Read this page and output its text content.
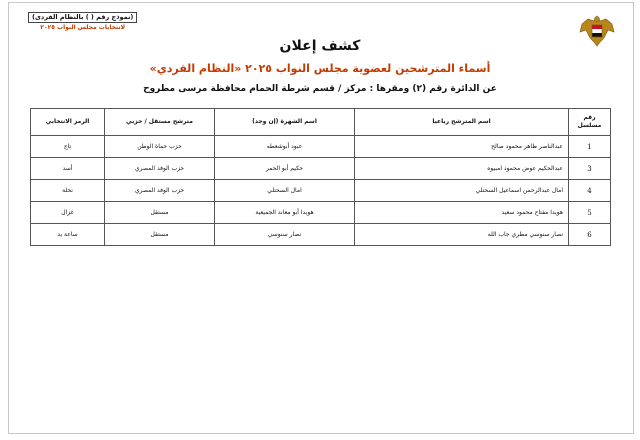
(نموذج رقم ( ) بالنظام الفردى)
لانتخابات مجلس النواب ٢٠٢٥
كشف إعلان
أسماء المترشحين لعضوية مجلس النواب ٢٠٢٥ «النظام الفردي»
عن الدائرة رقم (٢) ومقرها : مركز / قسم شرطة الحمام محافظة مرسى مطروح
رقم مسلسل	اسم المترشح رباعيا	اسم الشهرة (إن وجد)	مترشح مستقل / حزبي	الرمز الانتخابي
1	عبدالناصر طاهر محمود صالح	عبود أبوشعطه	حزب حماة الوطن	تاج
3	عبدالحكيم عوض محمود امبيوه	حكيم أبو الحمر	حزب الوفد المصري	أسد
4	امال عبدالرحمن اسماعيل السحتلي	امال السحتلي	حزب الوفد المصري	نخلة
5	هويدا مفتاح محمود سعيد	هويدا أبو معاند الجميعية	مستقل	غزال
6	نصار سنوسي مطري جاب الله	نصار سنوسي	مستقل	ساعة يد
